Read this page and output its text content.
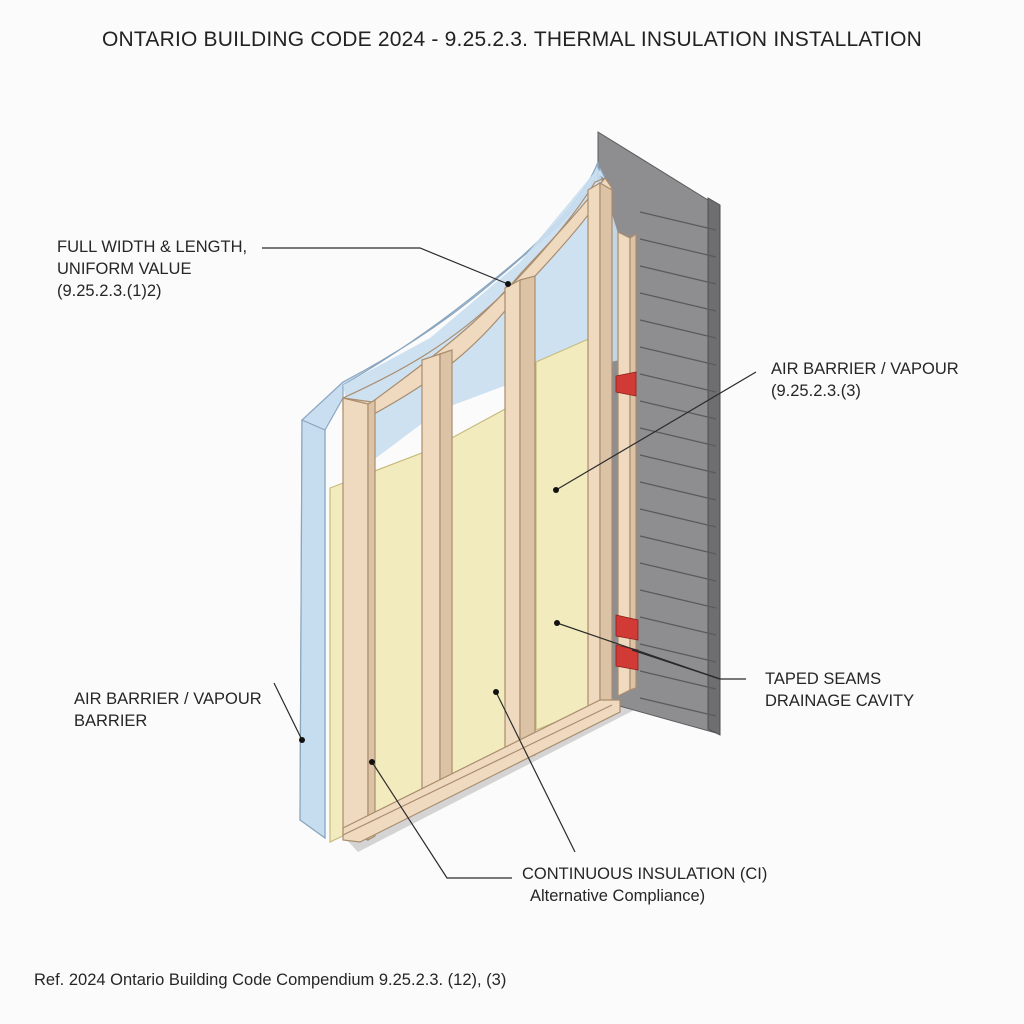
ONTARIO BUILDING CODE 2024 - 9.25.2.3. THERMAL INSULATION INSTALLATION
FULL WIDTH & LENGTH,
UNIFORM VALUE
(9.25.2.3.(1)2)
AIR BARRIER / VAPOUR
(9.25.2.3.(3)
AIR BARRIER / VAPOUR
BARRIER
TAPED SEAMS
DRAINAGE CAVITY
CONTINUOUS INSULATION (CI)
Alternative Compliance)
Ref. 2024 Ontario Building Code Compendium 9.25.2.3. (12), (3)
